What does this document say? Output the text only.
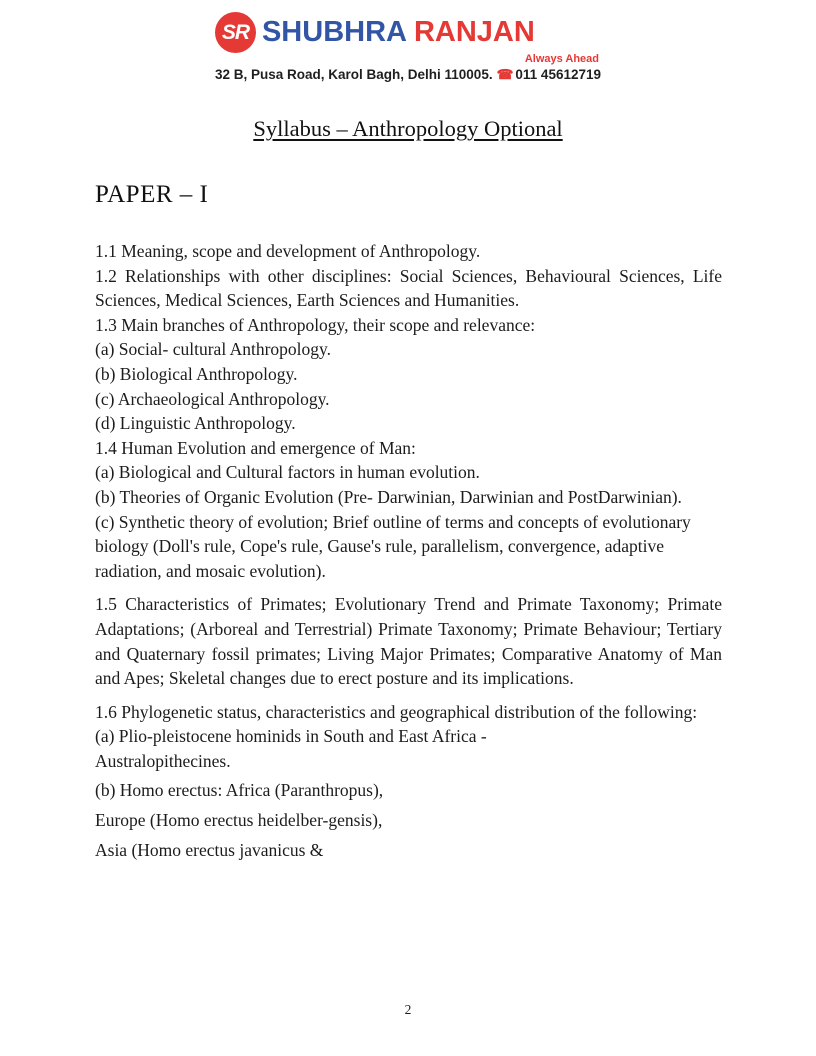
SR SHUBHRA RANJAN
Always Ahead
32 B, Pusa Road, Karol Bagh, Delhi 110005. ☎ 011 45612719
Syllabus – Anthropology Optional
PAPER – I

1.1 Meaning, scope and development of Anthropology.

1.2 Relationships with other disciplines: Social Sciences, Behavioural Sciences, Life Sciences, Medical Sciences, Earth Sciences and Humanities.

1.3 Main branches of Anthropology, their scope and relevance:

(a) Social- cultural Anthropology.

(b) Biological Anthropology.

(c) Archaeological Anthropology.

(d) Linguistic Anthropology.

1.4 Human Evolution and emergence of Man:

(a) Biological and Cultural factors in human evolution.

(b) Theories of Organic Evolution (Pre- Darwinian, Darwinian and PostDarwinian).

(c) Synthetic theory of evolution; Brief outline of terms and concepts of evolutionary biology (Doll's rule, Cope's rule, Gause's rule, parallelism, convergence, adaptive radiation, and mosaic evolution).

1.5 Characteristics of Primates; Evolutionary Trend and Primate Taxonomy; Primate Adaptations; (Arboreal and Terrestrial) Primate Taxonomy; Primate Behaviour; Tertiary and Quaternary fossil primates; Living Major Primates; Comparative Anatomy of Man and Apes; Skeletal changes due to erect posture and its implications.

1.6 Phylogenetic status, characteristics and geographical distribution of the following:

(a) Plio-pleistocene hominids in South and East Africa -

Australopithecines.

(b) Homo erectus: Africa (Paranthropus),

Europe (Homo erectus heidelber-gensis),

Asia (Homo erectus javanicus &

2
